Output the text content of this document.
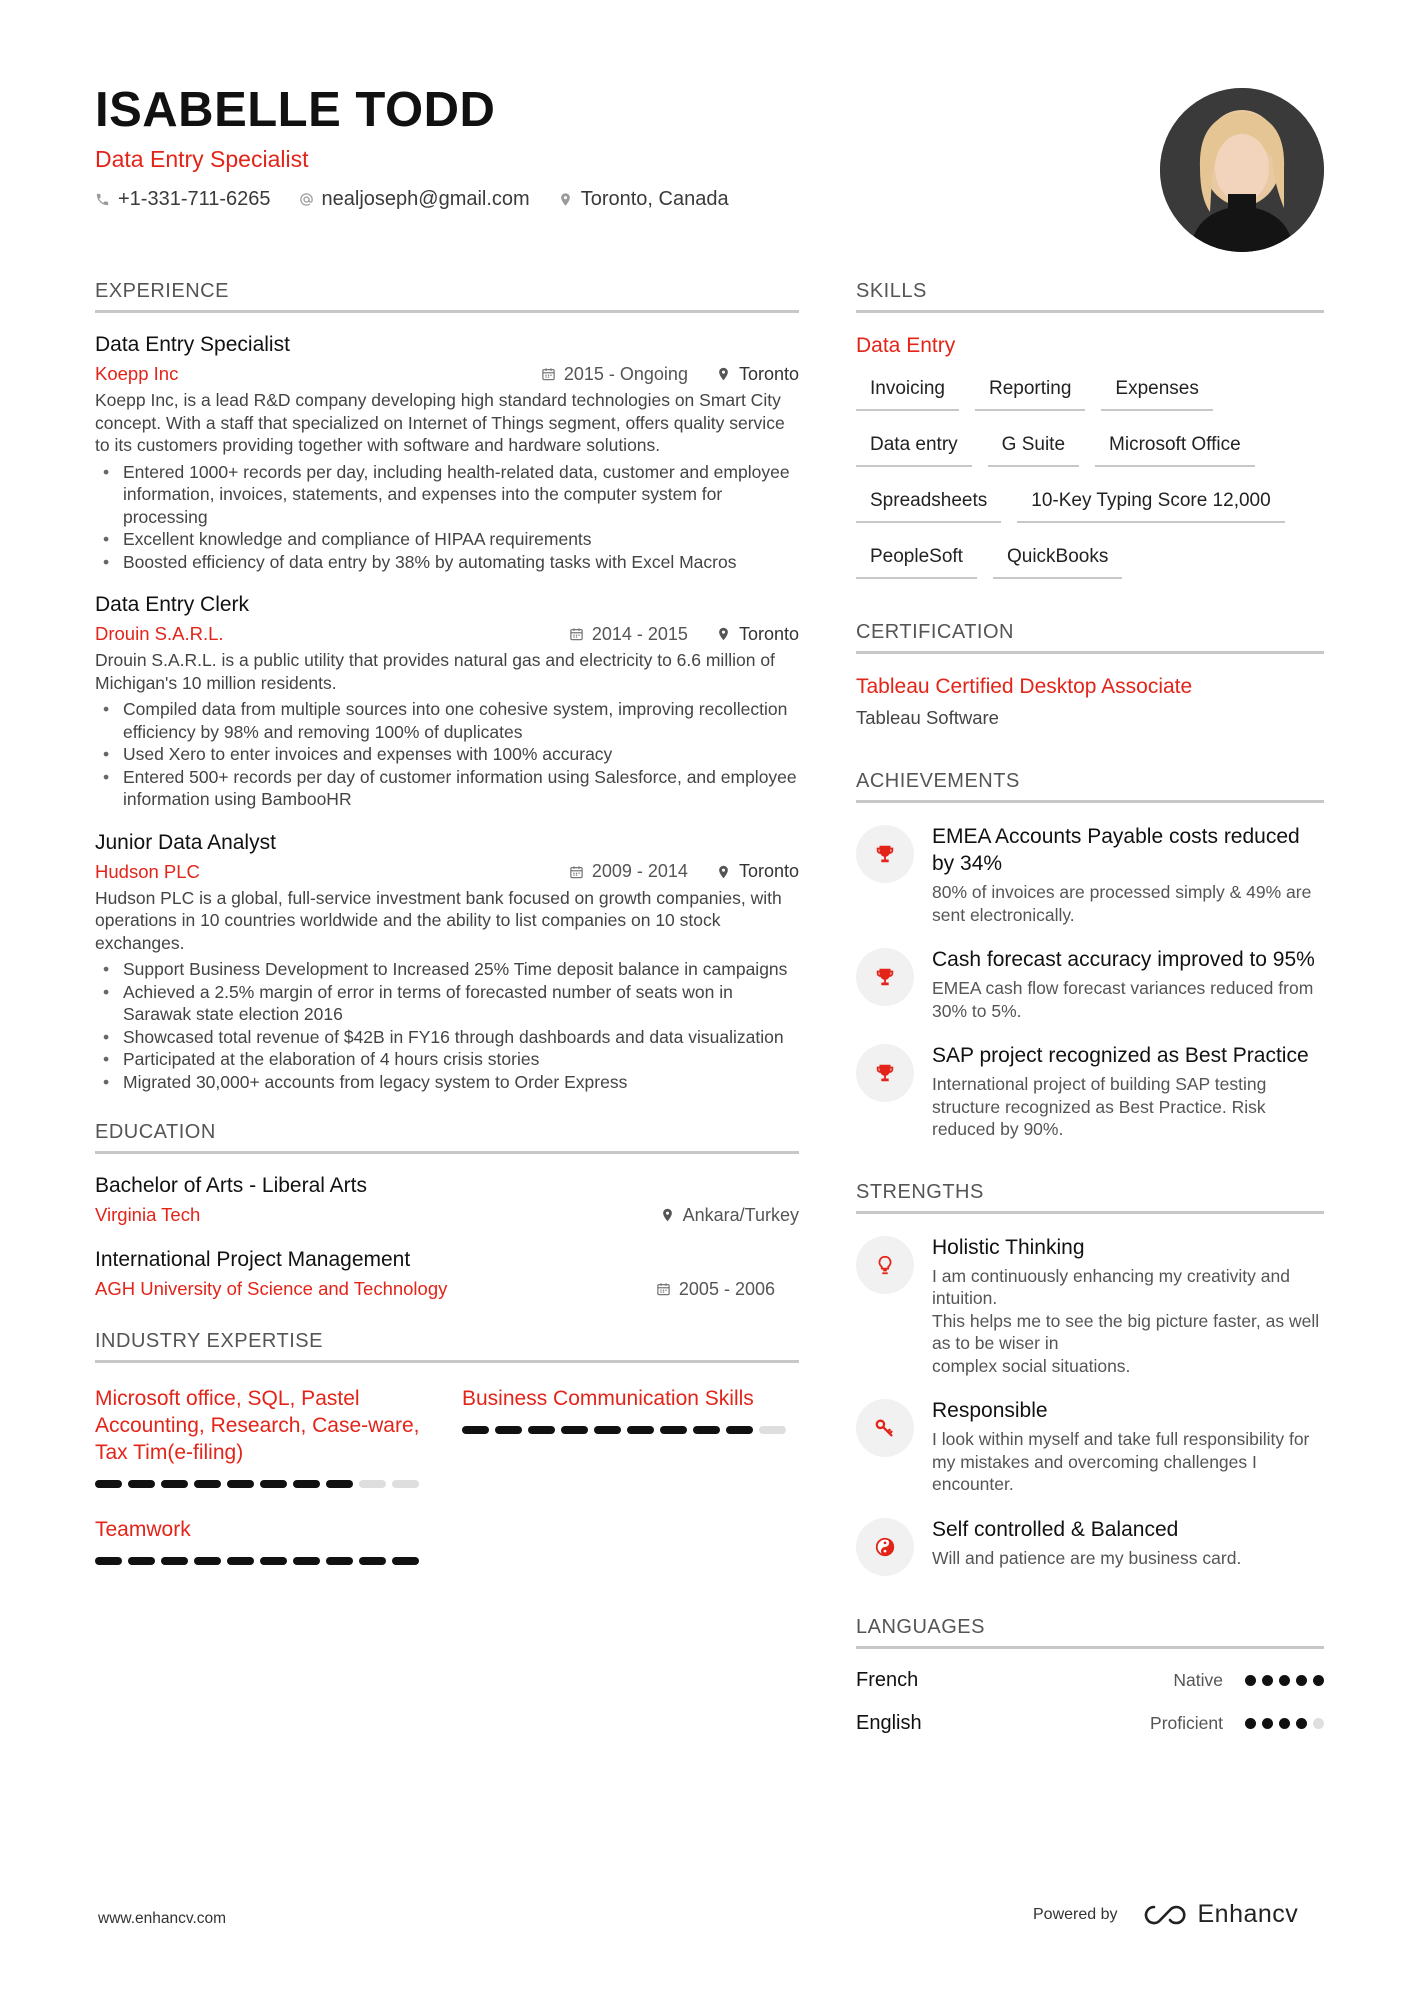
ISABELLE TODD
Data Entry Specialist
+1-331-711-6265	nealjoseph@gmail.com	Toronto, Canada
EXPERIENCE
Data Entry Specialist
Koepp Inc	2015 - Ongoing	Toronto
Koepp Inc, is a lead R&D company developing high standard technologies on Smart City concept. With a staff that specialized on Internet of Things segment, offers quality service to its customers providing together with software and hardware solutions.
• Entered 1000+ records per day, including health-related data, customer and employee information, invoices, statements, and expenses into the computer system for processing
• Excellent knowledge and compliance of HIPAA requirements
• Boosted efficiency of data entry by 38% by automating tasks with Excel Macros
Data Entry Clerk
Drouin S.A.R.L.	2014 - 2015	Toronto
Drouin S.A.R.L. is a public utility that provides natural gas and electricity to 6.6 million of Michigan's 10 million residents.
• Compiled data from multiple sources into one cohesive system, improving recollection efficiency by 98% and removing 100% of duplicates
• Used Xero to enter invoices and expenses with 100% accuracy
• Entered 500+ records per day of customer information using Salesforce, and employee information using BambooHR
Junior Data Analyst
Hudson PLC	2009 - 2014	Toronto
Hudson PLC is a global, full-service investment bank focused on growth companies, with operations in 10 countries worldwide and the ability to list companies on 10 stock exchanges.
• Support Business Development to Increased 25% Time deposit balance in campaigns
• Achieved a 2.5% margin of error in terms of forecasted number of seats won in Sarawak state election 2016
• Showcased total revenue of $42B in FY16 through dashboards and data visualization
• Participated at the elaboration of 4 hours crisis stories
• Migrated 30,000+ accounts from legacy system to Order Express
EDUCATION
Bachelor of Arts - Liberal Arts
Virginia Tech	Ankara/Turkey
International Project Management
AGH University of Science and Technology	2005 - 2006
INDUSTRY EXPERTISE
Microsoft office, SQL, Pastel Accounting, Research, Case-ware, Tax Tim(e-filing)
Business Communication Skills
Teamwork
SKILLS
Data Entry
Invoicing	Reporting	Expenses
Data entry	G Suite	Microsoft Office
Spreadsheets	10-Key Typing Score 12,000
PeopleSoft	QuickBooks
CERTIFICATION
Tableau Certified Desktop Associate
Tableau Software
ACHIEVEMENTS
EMEA Accounts Payable costs reduced by 34%
80% of invoices are processed simply & 49% are sent electronically.
Cash forecast accuracy improved to 95%
EMEA cash flow forecast variances reduced from 30% to 5%.
SAP project recognized as Best Practice
International project of building SAP testing structure recognized as Best Practice. Risk reduced by 90%.
STRENGTHS
Holistic Thinking
I am continuously enhancing my creativity and intuition.
This helps me to see the big picture faster, as well as to be wiser in
complex social situations.
Responsible
I look within myself and take full responsibility for my mistakes and overcoming challenges I encounter.
Self controlled & Balanced
Will and patience are my business card.
LANGUAGES
French	Native
English	Proficient
www.enhancv.com	Powered by	Enhancv
